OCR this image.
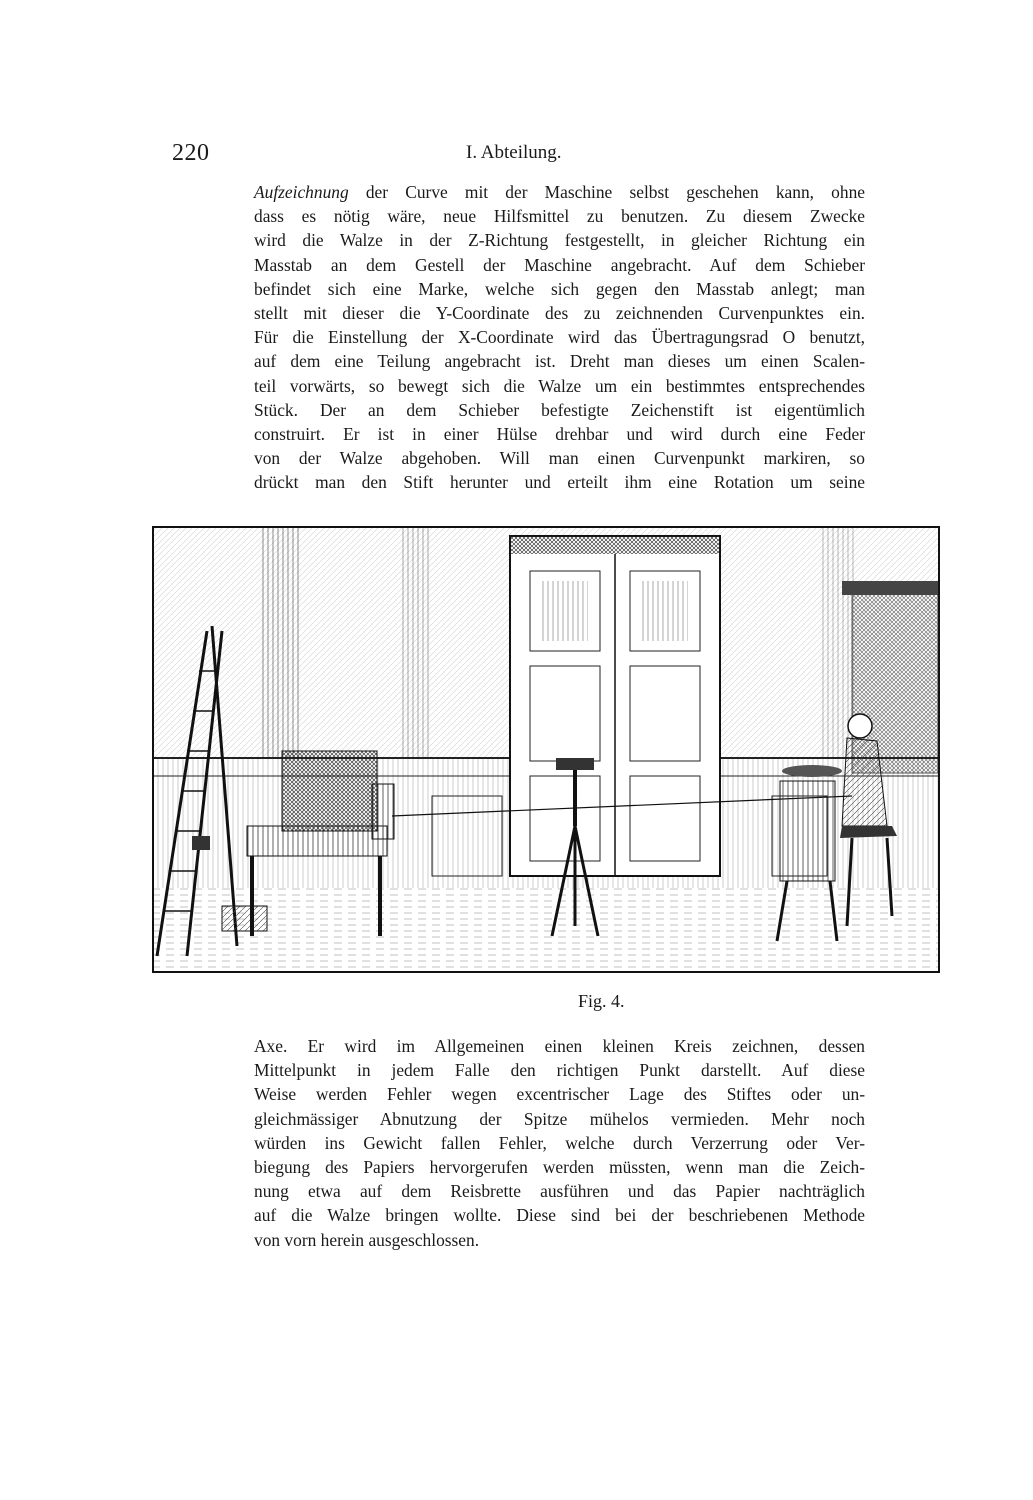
220	I. Abteilung.
Aufzeichnung der Curve mit der Maschine selbst geschehen kann, ohne
dass es nötig wäre, neue Hilfsmittel zu benutzen. Zu diesem Zwecke
wird die Walze in der Z-Richtung festgestellt, in gleicher Richtung ein
Masstab an dem Gestell der Maschine angebracht. Auf dem Schieber
befindet sich eine Marke, welche sich gegen den Masstab anlegt; man
stellt mit dieser die Y-Coordinate des zu zeichnenden Curvenpunktes ein.
Für die Einstellung der X-Coordinate wird das Übertragungsrad O benutzt,
auf dem eine Teilung angebracht ist. Dreht man dieses um einen Scalen-
teil vorwärts, so bewegt sich die Walze um ein bestimmtes entsprechendes
Stück. Der an dem Schieber befestigte Zeichenstift ist eigentümlich
construirt. Er ist in einer Hülse drehbar und wird durch eine Feder
von der Walze abgehoben. Will man einen Curvenpunkt markiren, so
drückt man den Stift herunter und erteilt ihm eine Rotation um seine
Fig. 4.
Axe. Er wird im Allgemeinen einen kleinen Kreis zeichnen, dessen
Mittelpunkt in jedem Falle den richtigen Punkt darstellt. Auf diese
Weise werden Fehler wegen excentrischer Lage des Stiftes oder un-
gleichmässiger Abnutzung der Spitze mühelos vermieden. Mehr noch
würden ins Gewicht fallen Fehler, welche durch Verzerrung oder Ver-
biegung des Papiers hervorgerufen werden müssten, wenn man die Zeich-
nung etwa auf dem Reisbrette ausführen und das Papier nachträglich
auf die Walze bringen wollte. Diese sind bei der beschriebenen Methode
von vorn herein ausgeschlossen.
